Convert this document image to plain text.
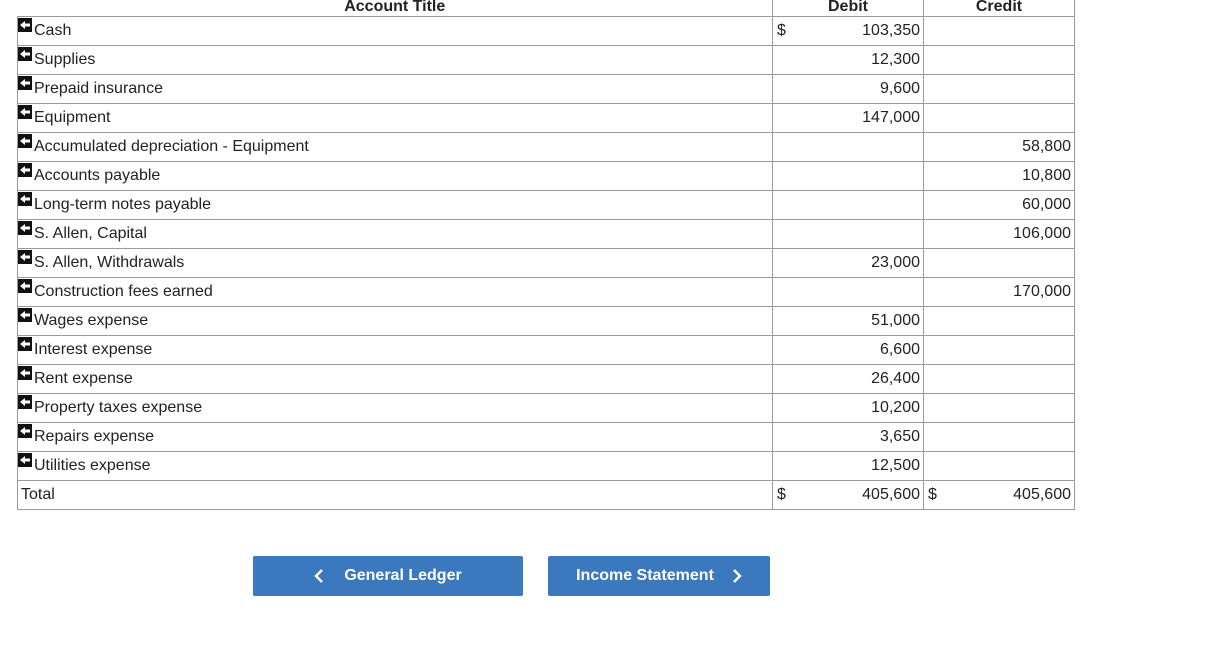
Account Title	Debit	Credit

Cash	$ 103,350	

Supplies	12,300	

Prepaid insurance	9,600	

Equipment	147,000	

Accumulated depreciation - Equipment		58,800

Accounts payable		10,800

Long-term notes payable		60,000

S. Allen, Capital		106,000

S. Allen, Withdrawals	23,000	

Construction fees earned		170,000

Wages expense	51,000	

Interest expense	6,600	

Rent expense	26,400	

Property taxes expense	10,200	

Repairs expense	3,650	

Utilities expense	12,500	
Total	$ 405,600	$ 405,600
General Ledger	Income Statement
